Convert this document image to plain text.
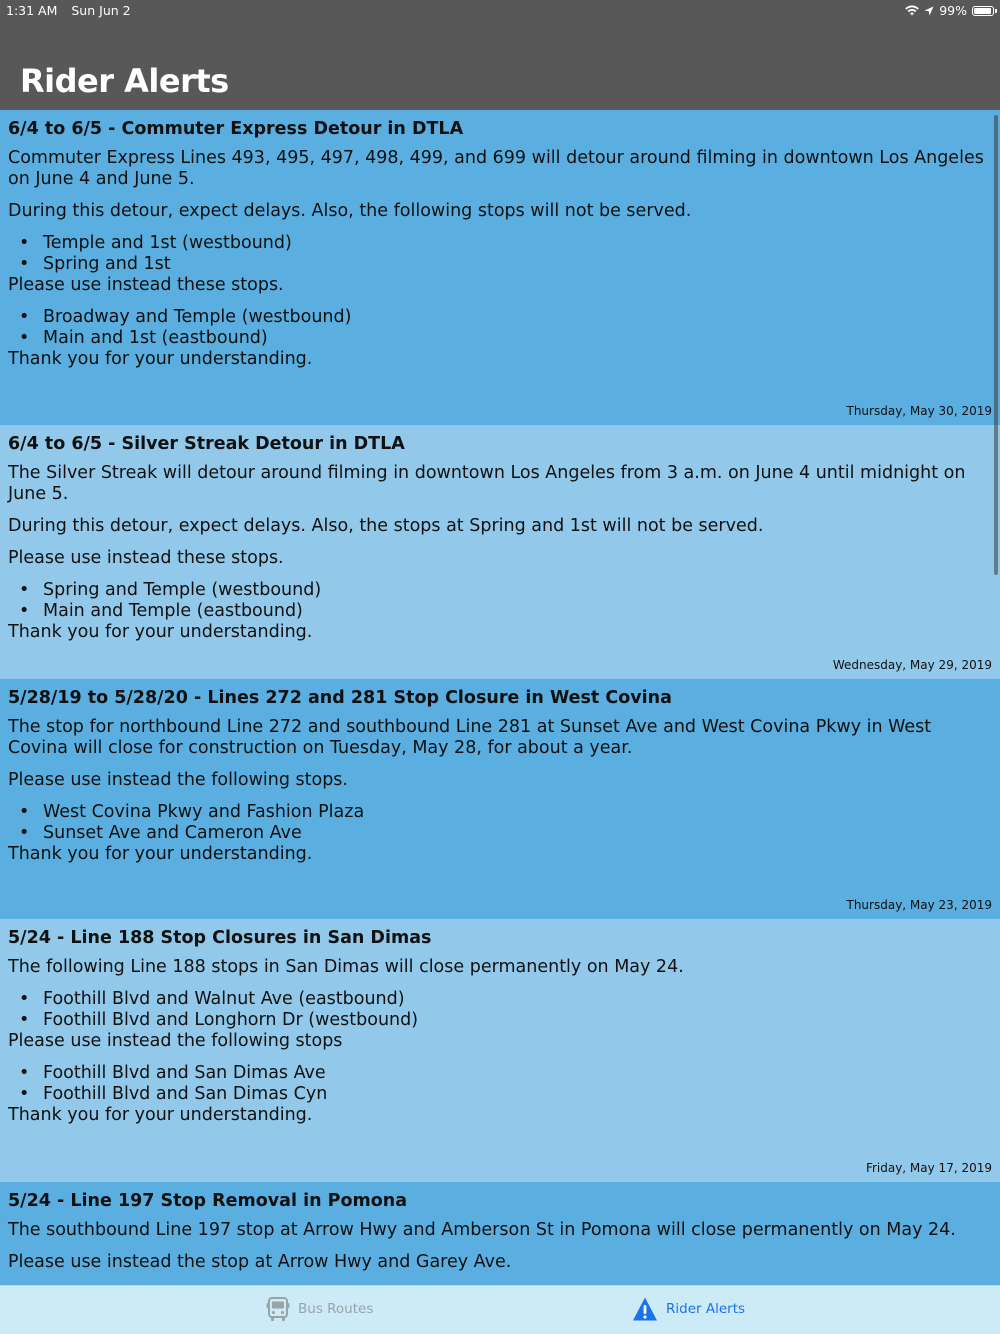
1:31 AM Sun Jun 2	99%
Rider Alerts
6/4 to 6/5 - Commuter Express Detour in DTLA

Commuter Express Lines 493, 495, 497, 498, 499, and 699 will detour around filming in downtown Los Angeles on June 4 and June 5.

During this detour, expect delays. Also, the following stops will not be served.

• Temple and 1st (westbound)
• Spring and 1st

Please use instead these stops.

• Broadway and Temple (westbound)
• Main and 1st (eastbound)

Thank you for your understanding.

Thursday, May 30, 2019
6/4 to 6/5 - Silver Streak Detour in DTLA

The Silver Streak will detour around filming in downtown Los Angeles from 3 a.m. on June 4 until midnight on June 5.

During this detour, expect delays. Also, the stops at Spring and 1st will not be served.

Please use instead these stops.

• Spring and Temple (westbound)
• Main and Temple (eastbound)

Thank you for your understanding.

Wednesday, May 29, 2019
5/28/19 to 5/28/20 - Lines 272 and 281 Stop Closure in West Covina

The stop for northbound Line 272 and southbound Line 281 at Sunset Ave and West Covina Pkwy in West Covina will close for construction on Tuesday, May 28, for about a year.

Please use instead the following stops.

• West Covina Pkwy and Fashion Plaza
• Sunset Ave and Cameron Ave

Thank you for your understanding.

Thursday, May 23, 2019
5/24 - Line 188 Stop Closures in San Dimas

The following Line 188 stops in San Dimas will close permanently on May 24.

• Foothill Blvd and Walnut Ave (eastbound)
• Foothill Blvd and Longhorn Dr (westbound)

Please use instead the following stops

• Foothill Blvd and San Dimas Ave
• Foothill Blvd and San Dimas Cyn

Thank you for your understanding.

Friday, May 17, 2019
5/24 - Line 197 Stop Removal in Pomona

The southbound Line 197 stop at Arrow Hwy and Amberson St in Pomona will close permanently on May 24.

Please use instead the stop at Arrow Hwy and Garey Ave.

Bus Routes	Rider Alerts
